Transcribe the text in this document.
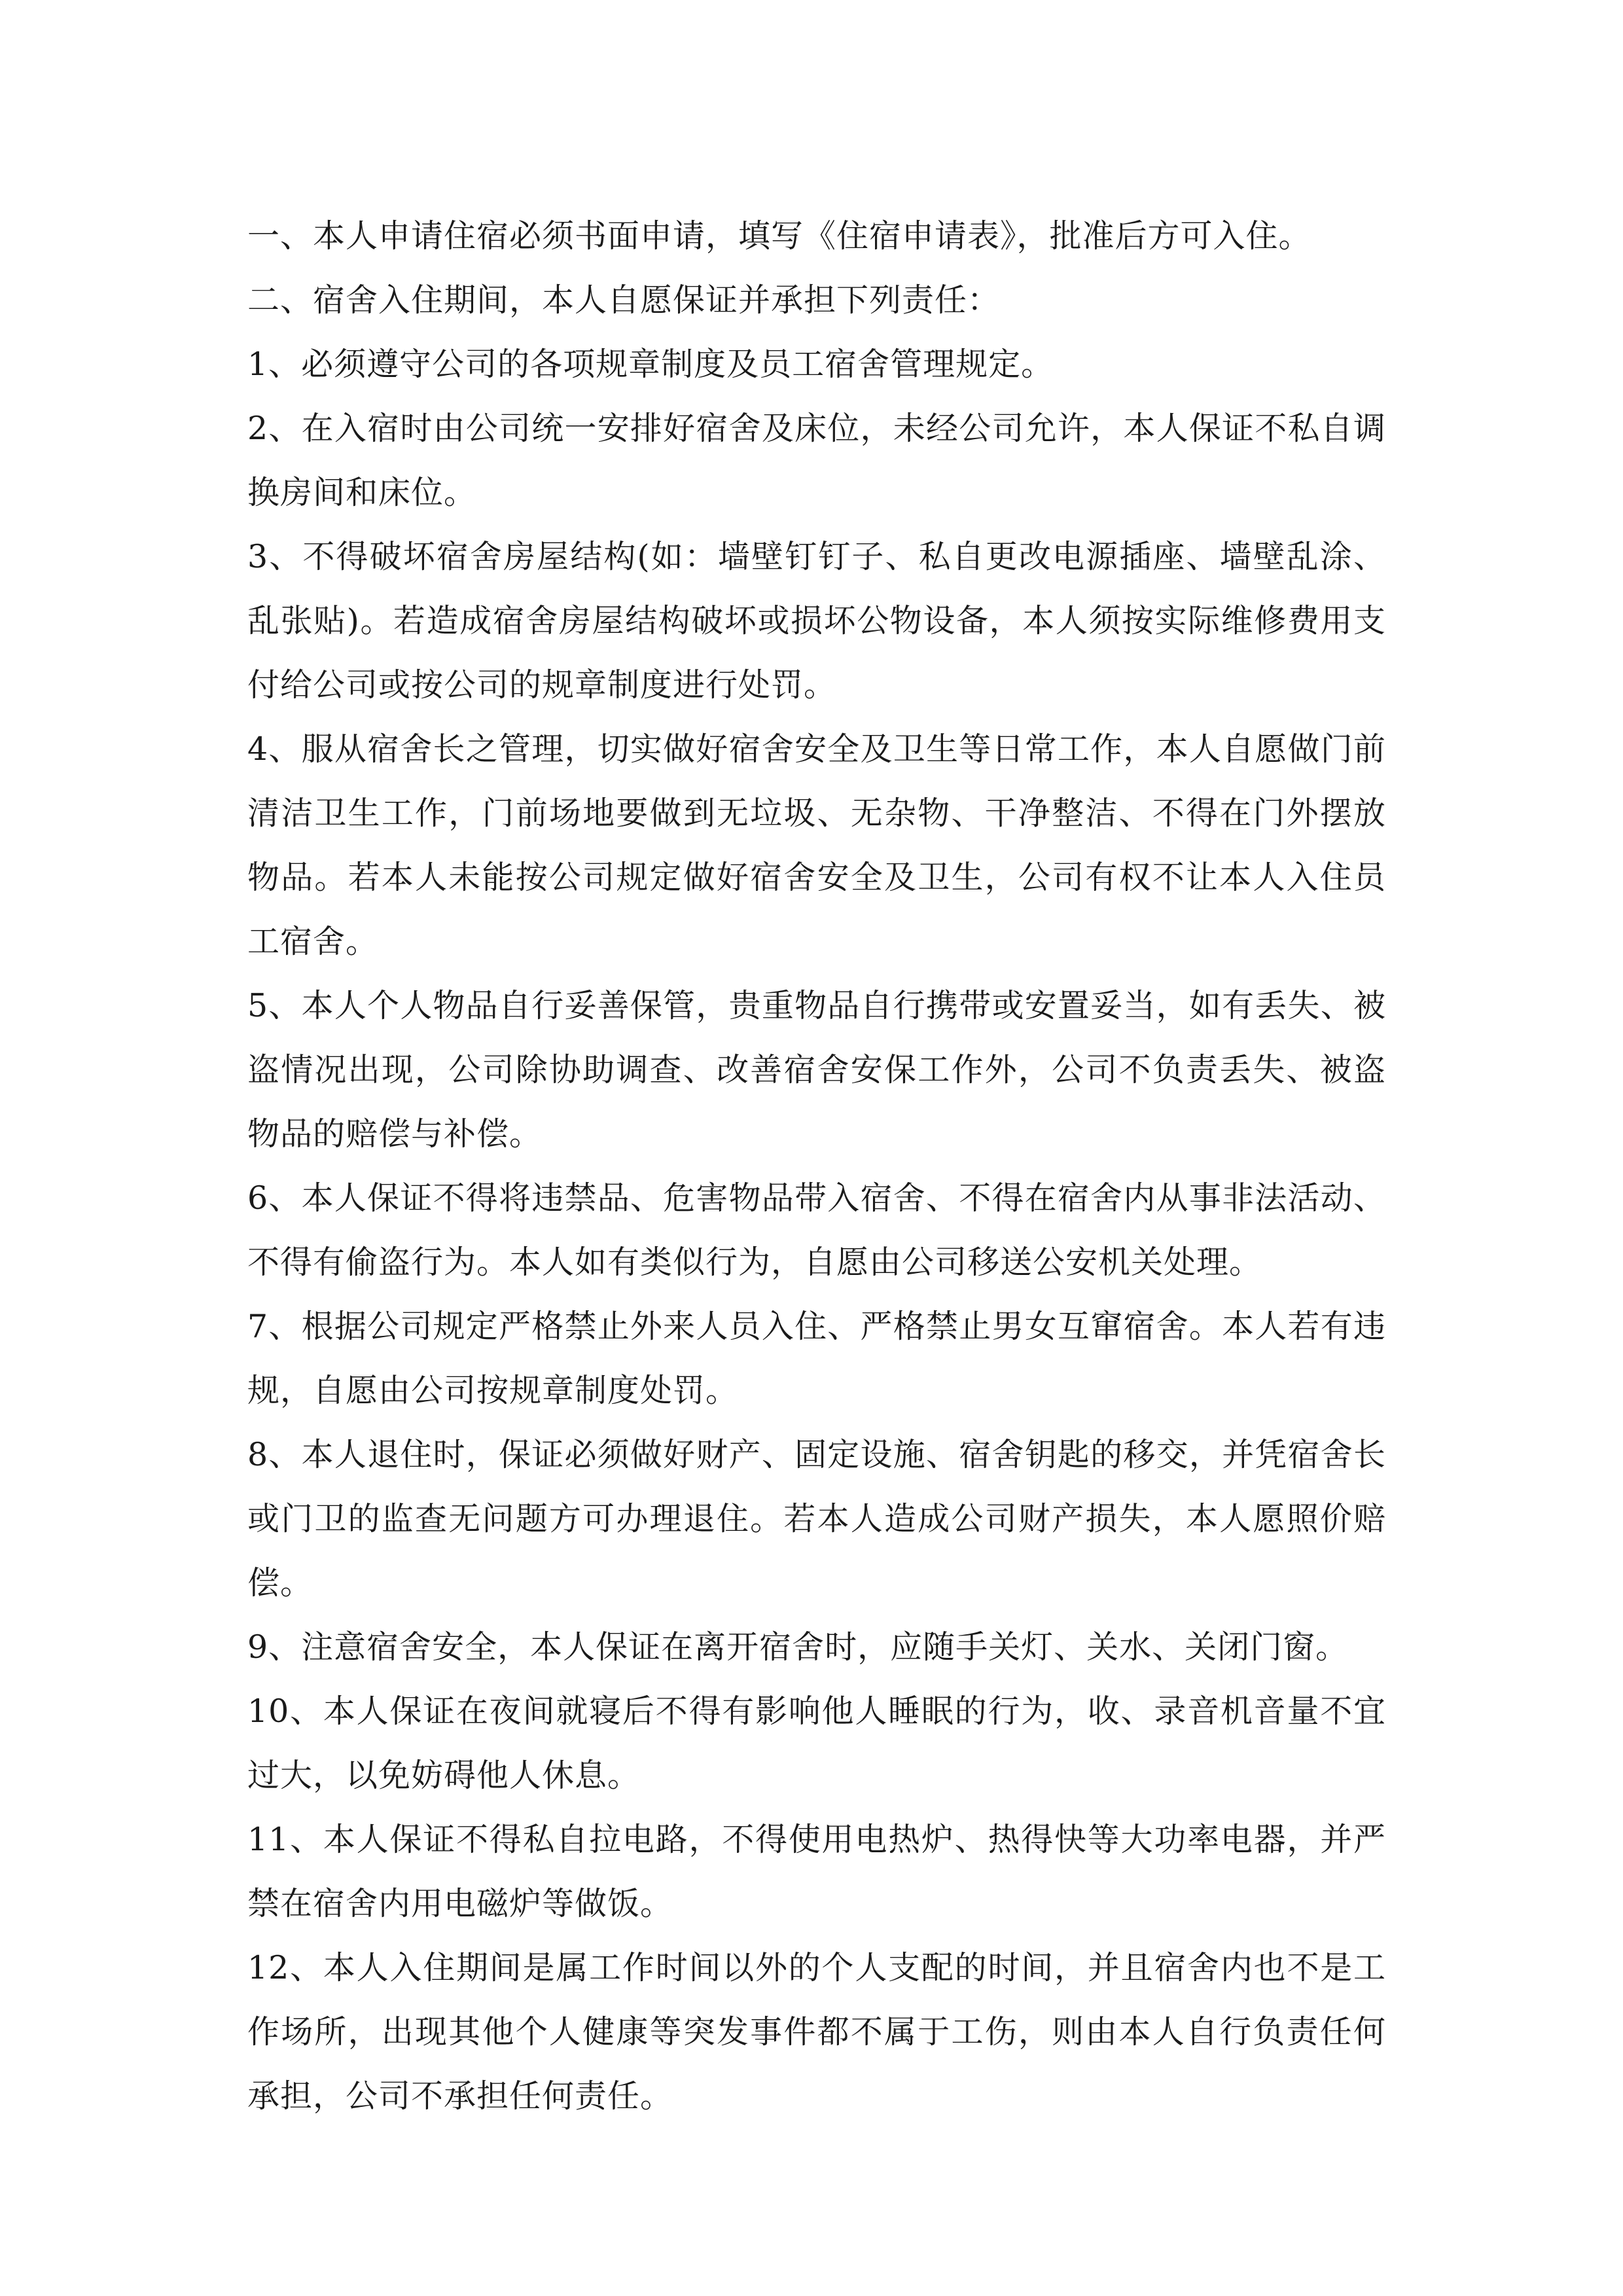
一、本人申请住宿必须书面申请，填写《住宿申请表》，批准后方可入住。

二、宿舍入住期间，本人自愿保证并承担下列责任：

1、必须遵守公司的各项规章制度及员工宿舍管理规定。

2、在入宿时由公司统一安排好宿舍及床位，未经公司允许，本人保证不私自调换房间和床位。

3、不得破坏宿舍房屋结构(如：墙壁钉钉子、私自更改电源插座、墙壁乱涂、乱张贴)。若造成宿舍房屋结构破坏或损坏公物设备，本人须按实际维修费用支付给公司或按公司的规章制度进行处罚。

4、服从宿舍长之管理，切实做好宿舍安全及卫生等日常工作，本人自愿做门前清洁卫生工作，门前场地要做到无垃圾、无杂物、干净整洁、不得在门外摆放物品。若本人未能按公司规定做好宿舍安全及卫生，公司有权不让本人入住员工宿舍。

5、本人个人物品自行妥善保管，贵重物品自行携带或安置妥当，如有丢失、被盗情况出现，公司除协助调查、改善宿舍安保工作外，公司不负责丢失、被盗物品的赔偿与补偿。

6、本人保证不得将违禁品、危害物品带入宿舍、不得在宿舍内从事非法活动、不得有偷盗行为。本人如有类似行为，自愿由公司移送公安机关处理。

7、根据公司规定严格禁止外来人员入住、严格禁止男女互窜宿舍。本人若有违规，自愿由公司按规章制度处罚。

8、本人退住时，保证必须做好财产、固定设施、宿舍钥匙的移交，并凭宿舍长或门卫的监查无问题方可办理退住。若本人造成公司财产损失，本人愿照价赔偿。

9、注意宿舍安全，本人保证在离开宿舍时，应随手关灯、关水、关闭门窗。

10、本人保证在夜间就寝后不得有影响他人睡眠的行为，收、录音机音量不宜过大，以免妨碍他人休息。

11、本人保证不得私自拉电路，不得使用电热炉、热得快等大功率电器，并严禁在宿舍内用电磁炉等做饭。

12、本人入住期间是属工作时间以外的个人支配的时间，并且宿舍内也不是工作场所，出现其他个人健康等突发事件都不属于工伤，则由本人自行负责任何承担，公司不承担任何责任。
